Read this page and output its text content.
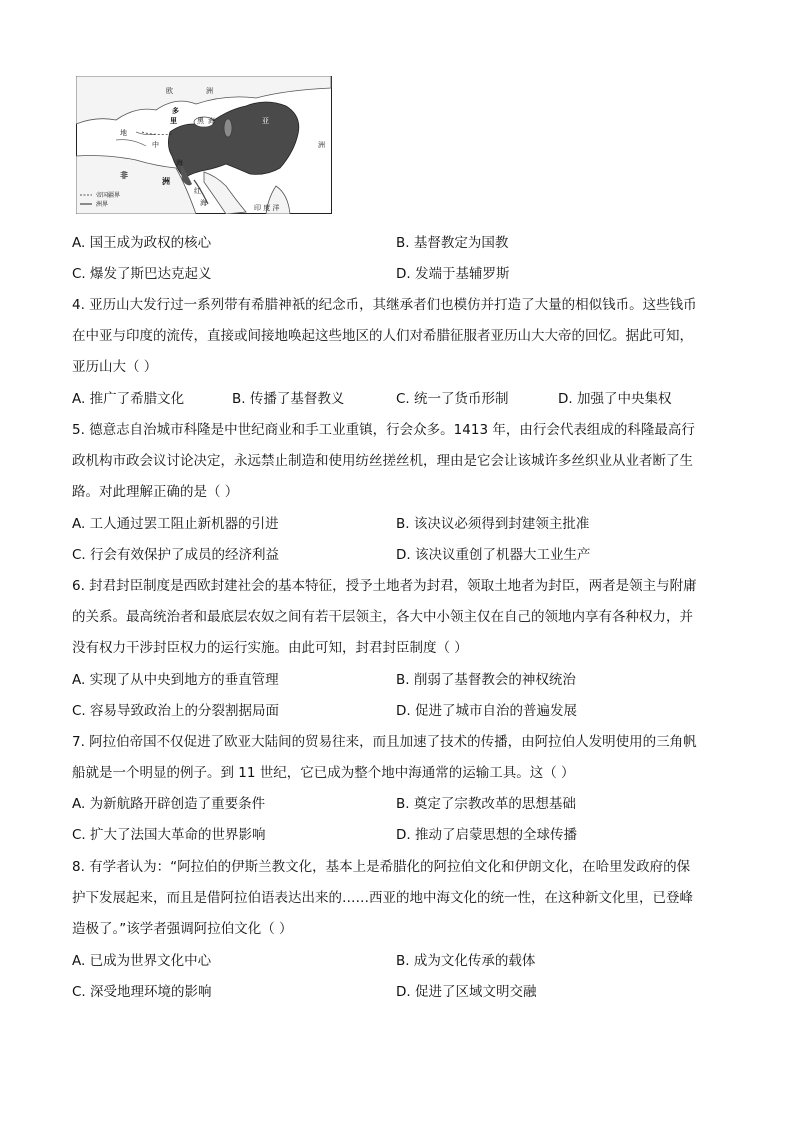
欧	洲
多
黑 海
里
地
中
海
非
洲
亚
洲
红
海
印 度 洋
帝国疆界
洲界
A. 国王成为政权的核心	B. 基督教定为国教
C. 爆发了斯巴达克起义	D. 发端于基辅罗斯
4. 亚历山大发行过一系列带有希腊神祇的纪念币，其继承者们也模仿并打造了大量的相似钱币。这些钱币
在中亚与印度的流传，直接或间接地唤起这些地区的人们对希腊征服者亚历山大大帝的回忆。据此可知，
亚历山大（ ）
A. 推广了希腊文化	B. 传播了基督教义	C. 统一了货币形制	D. 加强了中央集权
5. 德意志自治城市科隆是中世纪商业和手工业重镇，行会众多。1413 年，由行会代表组成的科隆最高行
政机构市政会议讨论决定，永远禁止制造和使用纺丝搓丝机，理由是它会让该城许多丝织业从业者断了生
路。对此理解正确的是（ ）
A. 工人通过罢工阻止新机器的引进	B. 该决议必须得到封建领主批准
C. 行会有效保护了成员的经济利益	D. 该决议重创了机器大工业生产
6. 封君封臣制度是西欧封建社会的基本特征，授予土地者为封君，领取土地者为封臣，两者是领主与附庸
的关系。最高统治者和最底层农奴之间有若干层领主，各大中小领主仅在自己的领地内享有各种权力，并
没有权力干涉封臣权力的运行实施。由此可知，封君封臣制度（ ）
A. 实现了从中央到地方的垂直管理	B. 削弱了基督教会的神权统治
C. 容易导致政治上的分裂割据局面	D. 促进了城市自治的普遍发展
7. 阿拉伯帝国不仅促进了欧亚大陆间的贸易往来，而且加速了技术的传播，由阿拉伯人发明使用的三角帆
船就是一个明显的例子。到 11 世纪，它已成为整个地中海通常的运输工具。这（ ）
A. 为新航路开辟创造了重要条件	B. 奠定了宗教改革的思想基础
C. 扩大了法国大革命的世界影响	D. 推动了启蒙思想的全球传播
8. 有学者认为：“阿拉伯的伊斯兰教文化，基本上是希腊化的阿拉伯文化和伊朗文化，在哈里发政府的保
护下发展起来，而且是借阿拉伯语表达出来的……西亚的地中海文化的统一性，在这种新文化里，已登峰
造极了。”该学者强调阿拉伯文化（ ）
A. 已成为世界文化中心	B. 成为文化传承的载体
C. 深受地理环境的影响	D. 促进了区域文明交融
